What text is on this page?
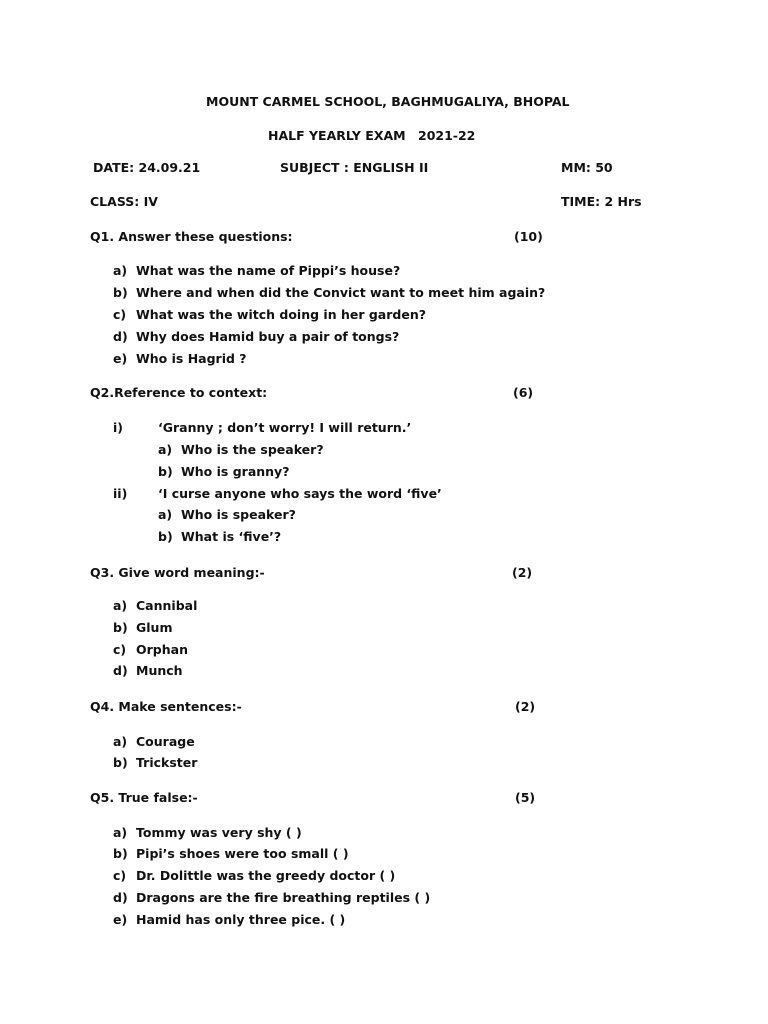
MOUNT CARMEL SCHOOL, BAGHMUGALIYA, BHOPAL
HALF YEARLY EXAM 2021-22
DATE: 24.09.21	SUBJECT : ENGLISH II	MM: 50
CLASS: IV	TIME: 2 Hrs
Q1. Answer these questions:	(10)
a) What was the name of Pippi’s house?
b) Where and when did the Convict want to meet him again?
c) What was the witch doing in her garden?
d) Why does Hamid buy a pair of tongs?
e) Who is Hagrid ?
Q2.Reference to context:	(6)
i)	‘Granny ; don’t worry! I will return.’
a) Who is the speaker?
b) Who is granny?
ii) ‘I curse anyone who says the word ‘five’
a) Who is speaker?
b) What is ‘five’?
Q3. Give word meaning:-	(2)
a) Cannibal
b) Glum
c) Orphan
d) Munch
Q4. Make sentences:-	(2)
a) Courage
b) Trickster
Q5. True false:-	(5)
a) Tommy was very shy ( )
b) Pipi’s shoes were too small ( )
c) Dr. Dolittle was the greedy doctor ( )
d) Dragons are the fire breathing reptiles ( )
e) Hamid has only three pice. ( )
